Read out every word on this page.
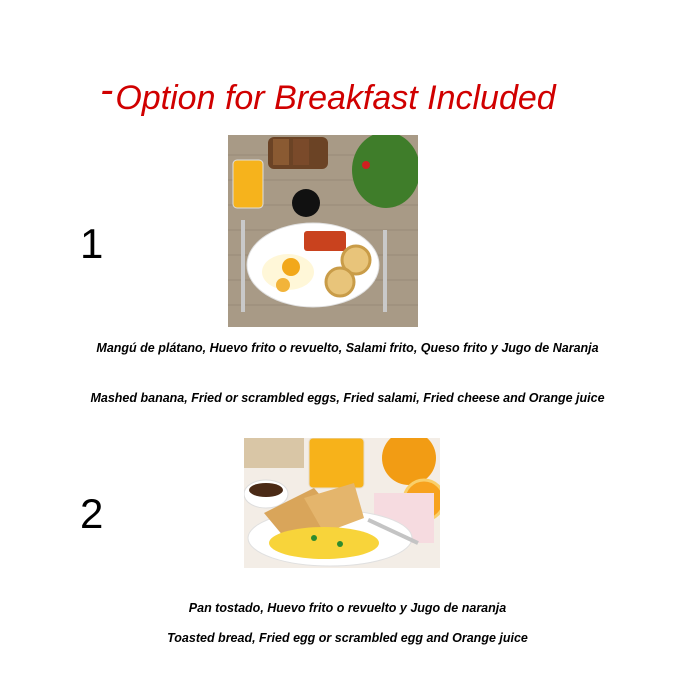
-Option for Breakfast Included
1
Mangú de plátano, Huevo frito o revuelto, Salami frito, Queso frito y Jugo de Naranja
Mashed banana, Fried or scrambled eggs, Fried salami, Fried cheese and Orange juice
2
Pan tostado, Huevo frito o revuelto y Jugo de naranja
Toasted bread, Fried egg or scrambled egg and Orange juice
